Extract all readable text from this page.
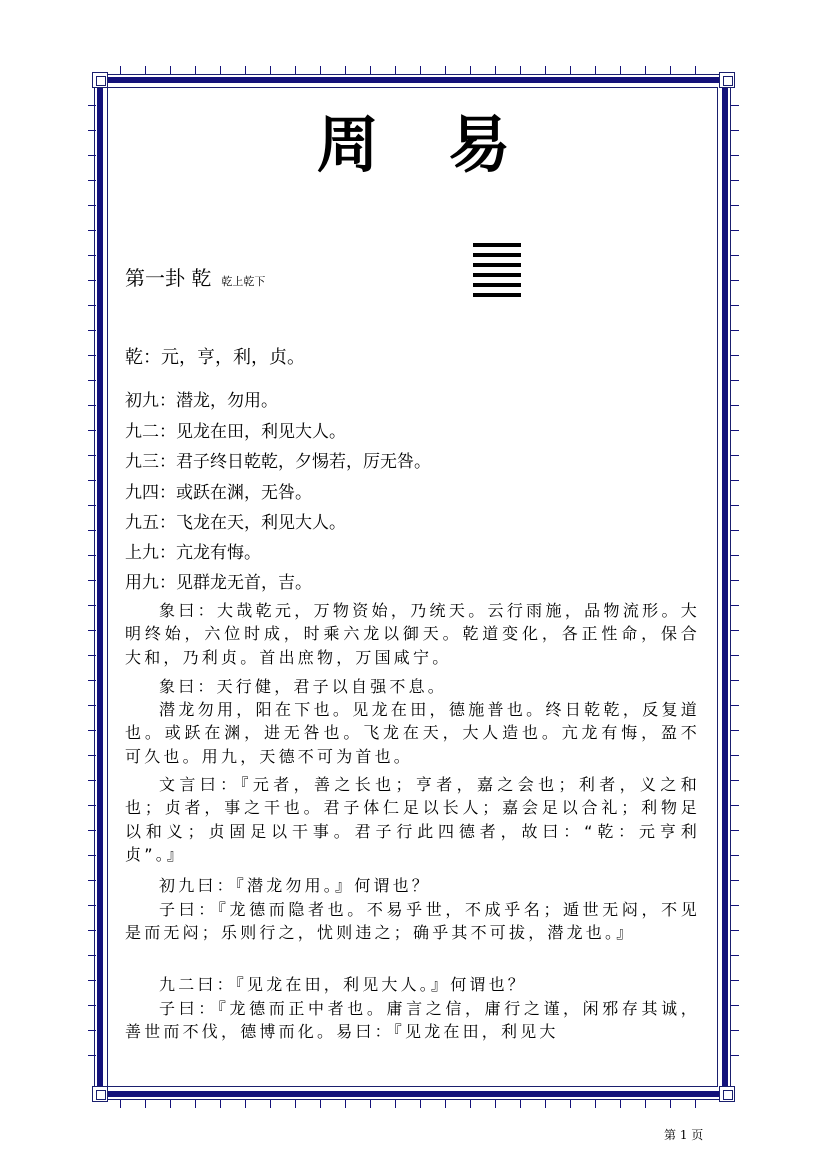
周 易
第一卦 乾 乾上乾下
乾：元，亨，利，贞。
初九：潜龙，勿用。
九二：见龙在田，利见大人。
九三：君子终日乾乾，夕惕若，厉无咎。
九四：或跃在渊，无咎。
九五：飞龙在天，利见大人。
上九：亢龙有悔。
用九：见群龙无首，吉。
象曰：大哉乾元，万物资始，乃统天。云行雨施，品物流形。大明终始，六位时成，时乘六龙以御天。乾道变化，各正性命，保合大和，乃利贞。首出庶物，万国咸宁。
象曰：天行健，君子以自强不息。
潜龙勿用，阳在下也。见龙在田，德施普也。终日乾乾，反复道也。或跃在渊，进无咎也。飞龙在天，大人造也。亢龙有悔，盈不可久也。用九，天德不可为首也。
文言曰：『元者，善之长也；亨者，嘉之会也；利者，义之和也；贞者，事之干也。君子体仁足以长人；嘉会足以合礼；利物足以和义；贞固足以干事。君子行此四德者，故曰：“乾：元亨利贞”。』
初九曰：『潜龙勿用。』何谓也？
子曰：『龙德而隐者也。不易乎世，不成乎名；遁世无闷，不见是而无闷；乐则行之，忧则违之；确乎其不可拔，潜龙也。』
九二曰：『见龙在田，利见大人。』何谓也？
子曰：『龙德而正中者也。庸言之信，庸行之谨，闲邪存其诚，善世而不伐，德博而化。易曰：『见龙在田，利见大
第 1 页
